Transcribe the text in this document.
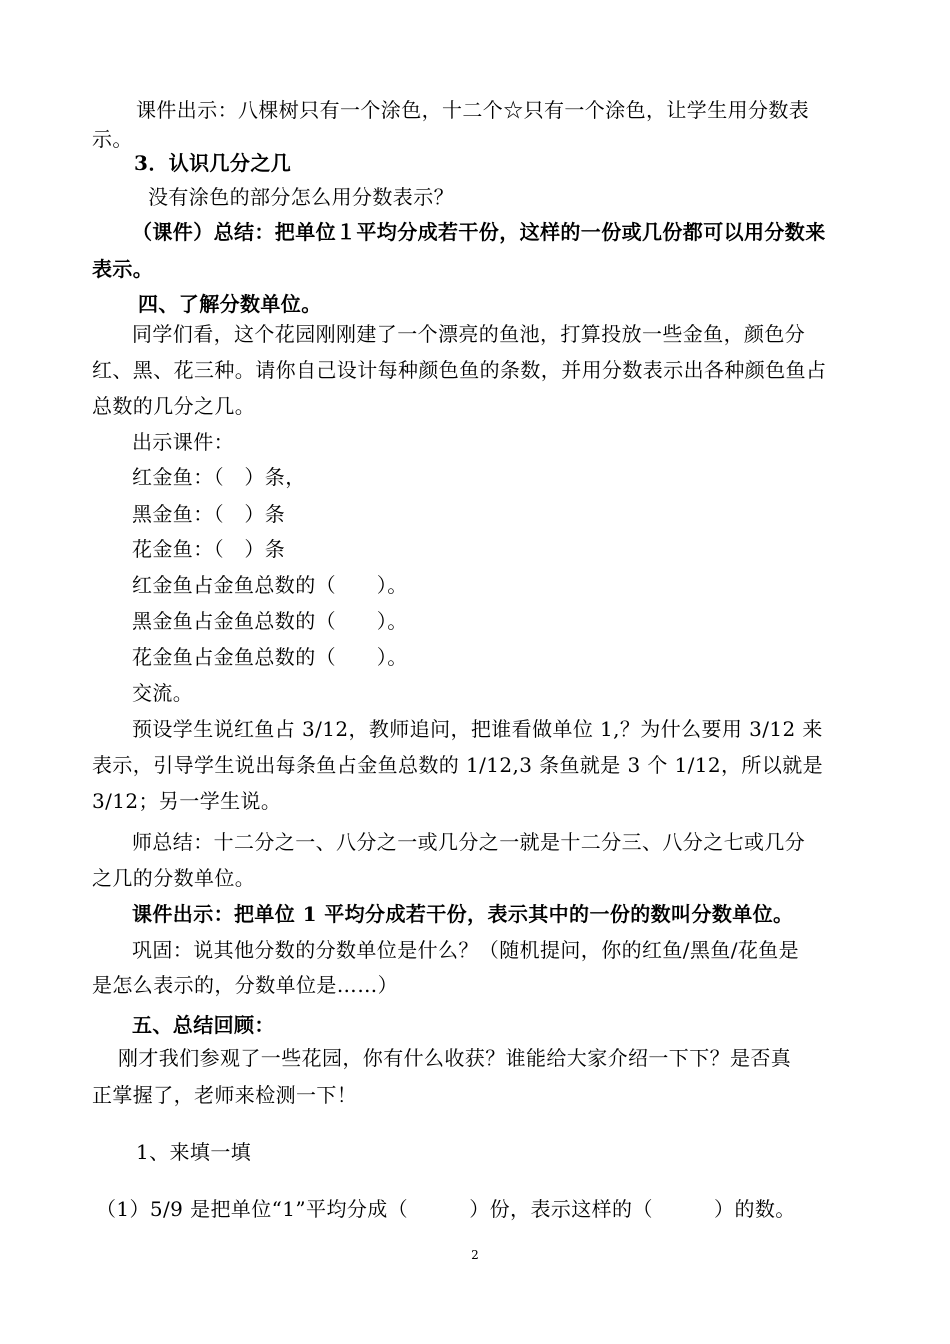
课件出示：八棵树只有一个涂色，十二个☆只有一个涂色，让学生用分数表
示。
3．认识几分之几
没有涂色的部分怎么用分数表示？
（课件）总结：把单位１平均分成若干份，这样的一份或几份都可以用分数来
表示。
四、了解分数单位。
同学们看，这个花园刚刚建了一个漂亮的鱼池，打算投放一些金鱼，颜色分
红、黑、花三种。请你自己设计每种颜色鱼的条数，并用分数表示出各种颜色鱼占
总数的几分之几。
出示课件：
红金鱼：（　）条，
黑金鱼：（　）条
花金鱼：（　）条
红金鱼占金鱼总数的（　　）。
黑金鱼占金鱼总数的（　　）。
花金鱼占金鱼总数的（　　）。
交流。
预设学生说红鱼占 3/12，教师追问，把谁看做单位 1,？为什么要用 3/12 来
表示，引导学生说出每条鱼占金鱼总数的 1/12,3 条鱼就是 3 个 1/12，所以就是
3/12；另一学生说。
师总结：十二分之一、八分之一或几分之一就是十二分三、八分之七或几分
之几的分数单位。
课件出示：把单位 1 平均分成若干份，表示其中的一份的数叫分数单位。
巩固：说其他分数的分数单位是什么？（随机提问，你的红鱼/黑鱼/花鱼是
是怎么表示的，分数单位是……）
五、总结回顾：
刚才我们参观了一些花园，你有什么收获？谁能给大家介绍一下下？是否真
正掌握了，老师来检测一下！
1、来填一填
（1）5/9 是把单位“1”平均分成（　　　）份，表示这样的（　　　）的数。
2
